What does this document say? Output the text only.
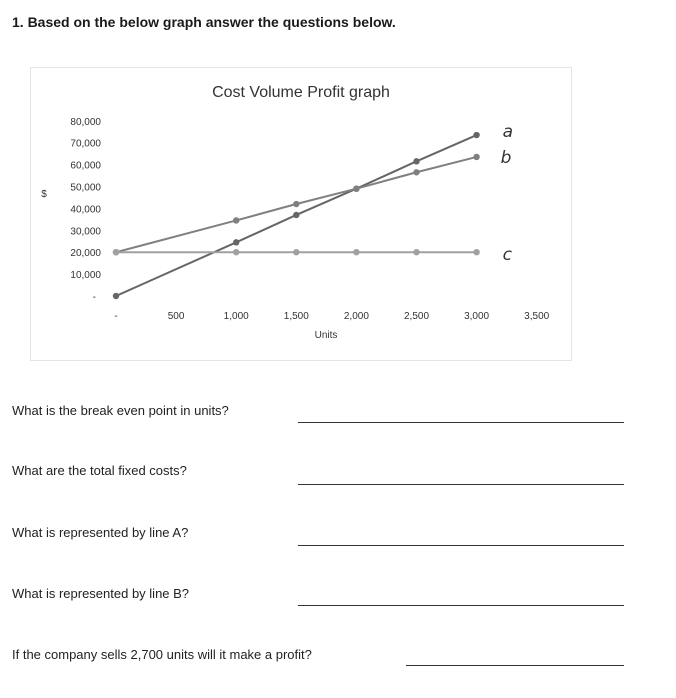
1. Based on the below graph answer the questions below.
Cost Volume Profit graph
-
10,000
20,000
30,000
40,000
50,000
60,000
70,000
80,000
$
-	500	1,000	1,500	2,000	2,500	3,000	3,500
Units
a
b
c
What is the break even point in units?
What are the total fixed costs?
What is represented by line A?
What is represented by line B?
If the company sells 2,700 units will it make a profit?
